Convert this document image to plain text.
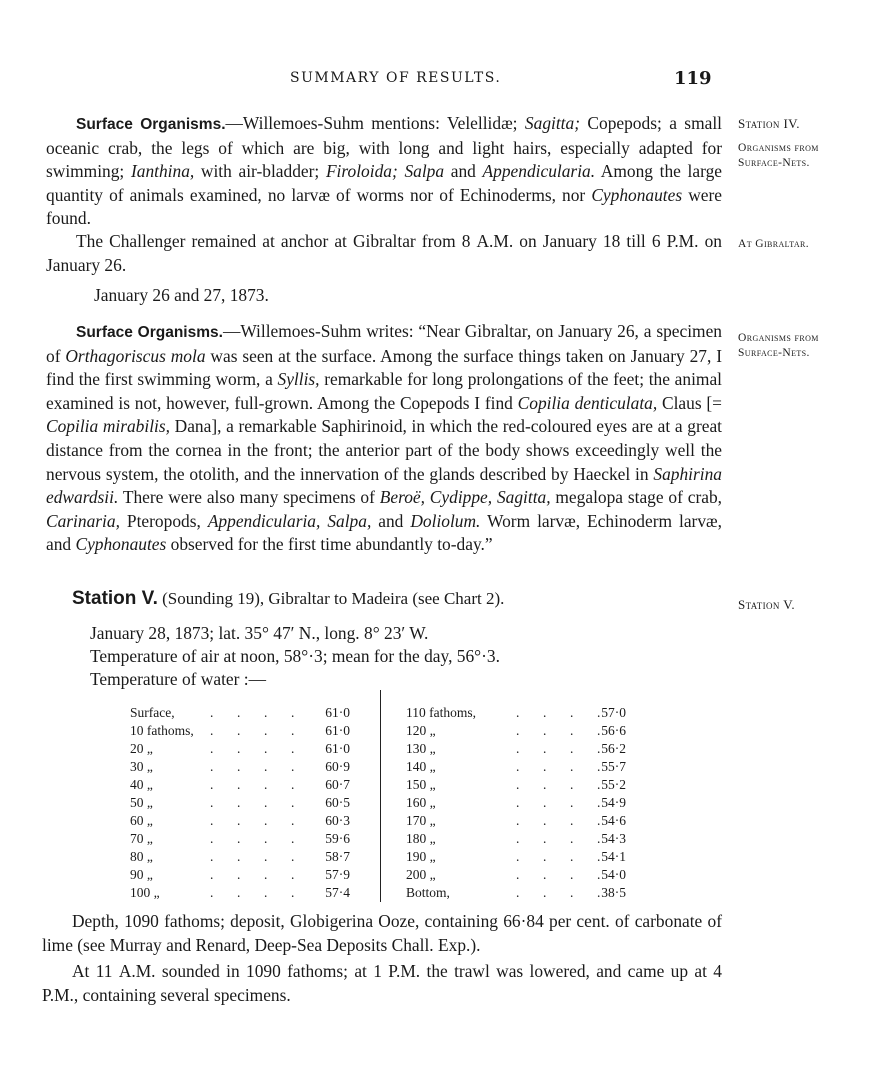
SUMMARY OF RESULTS.	119

Surface Organisms.—Willemoes-Suhm mentions: Velellidæ; Sagitta; Copepods; a small oceanic crab, the legs of which are big, with long and light hairs, especially adapted for swimming; Ianthina, with air-bladder; Firoloida; Salpa and Appendicularia. Among the large quantity of animals examined, no larvæ of worms nor of Echinoderms, nor Cyphonautes were found.

The Challenger remained at anchor at Gibraltar from 8 A.M. on January 18 till 6 P.M. on January 26.

January 26 and 27, 1873.

Surface Organisms.—Willemoes-Suhm writes: “Near Gibraltar, on January 26, a specimen of Orthagoriscus mola was seen at the surface. Among the surface things taken on January 27, I find the first swimming worm, a Syllis, remarkable for long prolongations of the feet; the animal examined is not, however, full-grown. Among the Copepods I find Copilia denticulata, Claus [= Copilia mirabilis, Dana], a remarkable Saphirinoid, in which the red-coloured eyes are at a great distance from the cornea in the front; the anterior part of the body shows exceedingly well the nervous system, the otolith, and the innervation of the glands described by Haeckel in Saphirina edwardsii. There were also many specimens of Beroë, Cydippe, Sagitta, megalopa stage of crab, Carinaria, Pteropods, Appendicularia, Salpa, and Doliolum. Worm larvæ, Echinoderm larvæ, and Cyphonautes observed for the first time abundantly to-day.”

Station V. (Sounding 19), Gibraltar to Madeira (see Chart 2).
January 28, 1873; lat. 35° 47′ N., long. 8° 23′ W.
Temperature of air at noon, 58°·3; mean for the day, 56°·3.
Temperature of water :—
Surface,	.       .       .       .	61·0
10 fathoms, .       .       .       .	61·0
20 „	.       .       .       .	61·0
30 „	.       .       .       .	60·9
40 „	.       .       .       .	60·7
50 „	.       .       .       .	60·5
60 „	.       .       .       .	60·3
70 „	.       .       .       .	59·6
80 „	.       .       .       .	58·7
90 „	.       .       .       .	57·9
100 „	.       .       .       .	57·4
110 fathoms,	.       .       .       . 57·0
120 „	.       .       .       . 56·6
130 „	.       .       .       . 56·2
140 „	.       .       .       . 55·7
150 „	.       .       .       . 55·2
160 „	.       .       .       . 54·9
170 „	.       .       .       . 54·6
180 „	.       .       .       . 54·3
190 „	.       .       .       . 54·1
200 „	.       .       .       . 54·0
Bottom,	.       .       .       . 38·5

Depth, 1090 fathoms; deposit, Globigerina Ooze, containing 66·84 per cent. of carbonate of lime (see Murray and Renard, Deep-Sea Deposits Chall. Exp.).

At 11 A.M. sounded in 1090 fathoms; at 1 P.M. the trawl was lowered, and came up at 4 P.M., containing several specimens.

Station IV.
Organisms from
Surface-Nets.
At Gibraltar.
Organisms from
Surface-Nets.
Station V.
